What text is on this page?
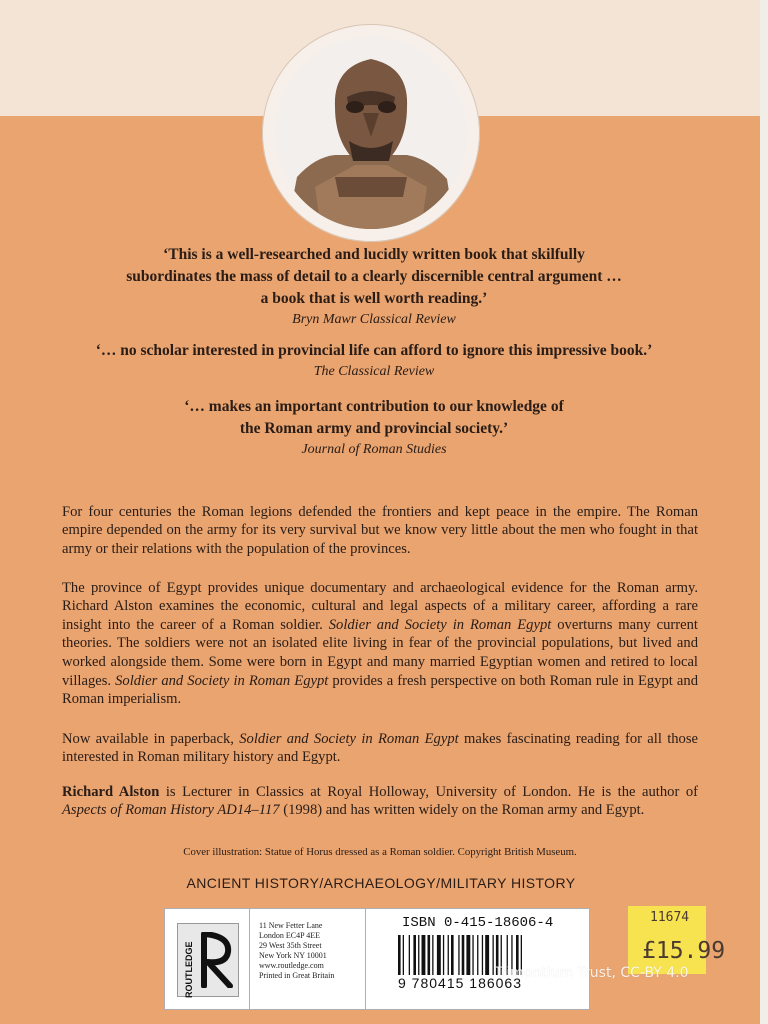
‘This is a well-researched and lucidly written book that skilfully
subordinates the mass of detail to a clearly discernible central argument …
a book that is well worth reading.’
Bryn Mawr Classical Review
‘… no scholar interested in provincial life can afford to ignore this impressive book.’
The Classical Review
‘… makes an important contribution to our knowledge of
the Roman army and provincial society.’
Journal of Roman Studies

For four centuries the Roman legions defended the frontiers and kept peace in the empire. The Roman empire depended on the army for its very survival but we know very little about the men who fought in that army or their relations with the population of the provinces.

The province of Egypt provides unique documentary and archaeological evidence for the Roman army. Richard Alston examines the economic, cultural and legal aspects of a military career, affording a rare insight into the career of a Roman soldier. Soldier and Society in Roman Egypt overturns many current theories. The soldiers were not an isolated elite living in fear of the provincial populations, but lived and worked alongside them. Some were born in Egypt and many married Egyptian women and retired to local villages. Soldier and Society in Roman Egypt provides a fresh perspective on both Roman rule in Egypt and Roman imperialism.

Now available in paperback, Soldier and Society in Roman Egypt makes fascinating reading for all those interested in Roman military history and Egypt.

Richard Alston is Lecturer in Classics at Royal Holloway, University of London. He is the author of Aspects of Roman History AD14–117 (1998) and has written widely on the Roman army and Egypt.

Cover illustration: Statue of Horus dressed as a Roman soldier. Copyright British Museum.
ANCIENT HISTORY/ARCHAEOLOGY/MILITARY HISTORY
ROUTLEDGE
11 New Fetter Lane
London EC4P 4EE
29 West 35th Street
New York NY 10001
www.routledge.com
Printed in Great Britain
ISBN 0-415-18606-4
9 780415 186063
11674
£15.99
Trimontium Trust, CC-BY 4.0
